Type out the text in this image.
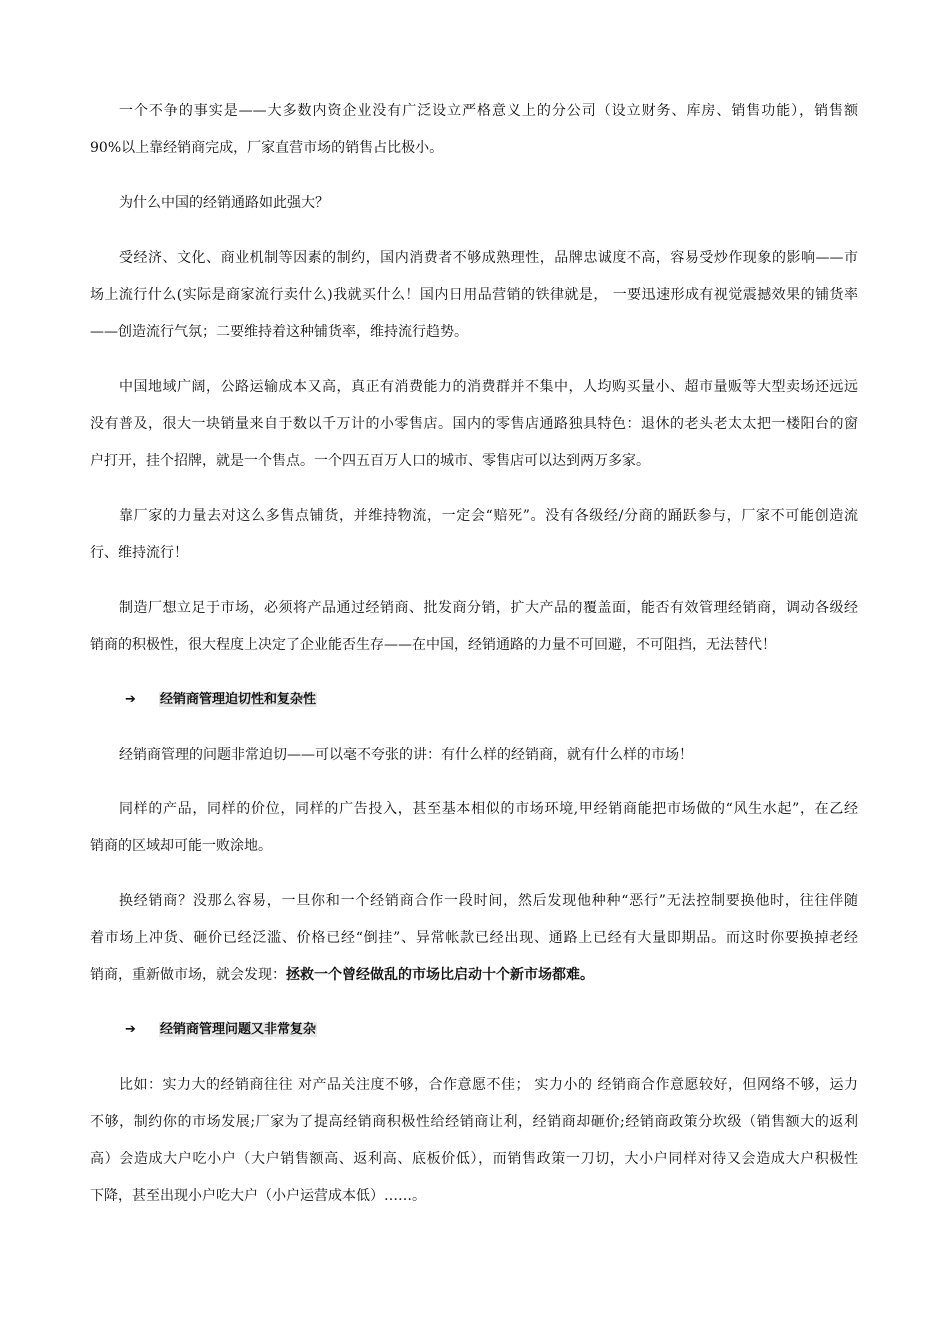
一个不争的事实是——大多数内资企业没有广泛设立严格意义上的分公司（设立财务、库房、销售功能），销售额
90%以上靠经销商完成，厂家直营市场的销售占比极小。
为什么中国的经销通路如此强大？
受经济、文化、商业机制等因素的制约，国内消费者不够成熟理性，品牌忠诚度不高，容易受炒作现象的影响——市
场上流行什么(实际是商家流行卖什么)我就买什么！国内日用品营销的铁律就是， 一要迅速形成有视觉震撼效果的铺货率
——创造流行气氛；二要维持着这种铺货率，维持流行趋势。
中国地域广阔，公路运输成本又高，真正有消费能力的消费群并不集中，人均购买量小、超市量贩等大型卖场还远远
没有普及，很大一块销量来自于数以千万计的小零售店。国内的零售店通路独具特色：退休的老头老太太把一楼阳台的窗
户打开，挂个招牌，就是一个售点。一个四五百万人口的城市、零售店可以达到两万多家。
靠厂家的力量去对这么多售点铺货，并维持物流，一定会“赔死”。没有各级经/分商的踊跃参与，厂家不可能创造流
行、维持流行！
制造厂想立足于市场，必须将产品通过经销商、批发商分销，扩大产品的覆盖面，能否有效管理经销商，调动各级经
销商的积极性，很大程度上决定了企业能否生存——在中国，经销通路的力量不可回避，不可阻挡，无法替代！
➔ 经销商管理迫切性和复杂性
经销商管理的问题非常迫切——可以毫不夸张的讲：有什么样的经销商，就有什么样的市场！
同样的产品，同样的价位，同样的广告投入，甚至基本相似的市场环境,甲经销商能把市场做的“风生水起”，在乙经
销商的区域却可能一败涂地。
换经销商？没那么容易，一旦你和一个经销商合作一段时间，然后发现他种种“恶行”无法控制要换他时，往往伴随
着市场上冲货、砸价已经泛滥、价格已经“倒挂”、异常帐款已经出现、通路上已经有大量即期品。而这时你要换掉老经
销商，重新做市场，就会发现：拯救一个曾经做乱的市场比启动十个新市场都难。
➔ 经销商管理问题又非常复杂
比如：实力大的经销商往往 对产品关注度不够，合作意愿不佳； 实力小的 经销商合作意愿较好，但网络不够，运力
不够，制约你的市场发展;厂家为了提高经销商积极性给经销商让利，经销商却砸价;经销商政策分坎级（销售额大的返利
高）会造成大户吃小户（大户销售额高、返利高、底板价低），而销售政策一刀切，大小户同样对待又会造成大户积极性
下降，甚至出现小户吃大户（小户运营成本低）……。
